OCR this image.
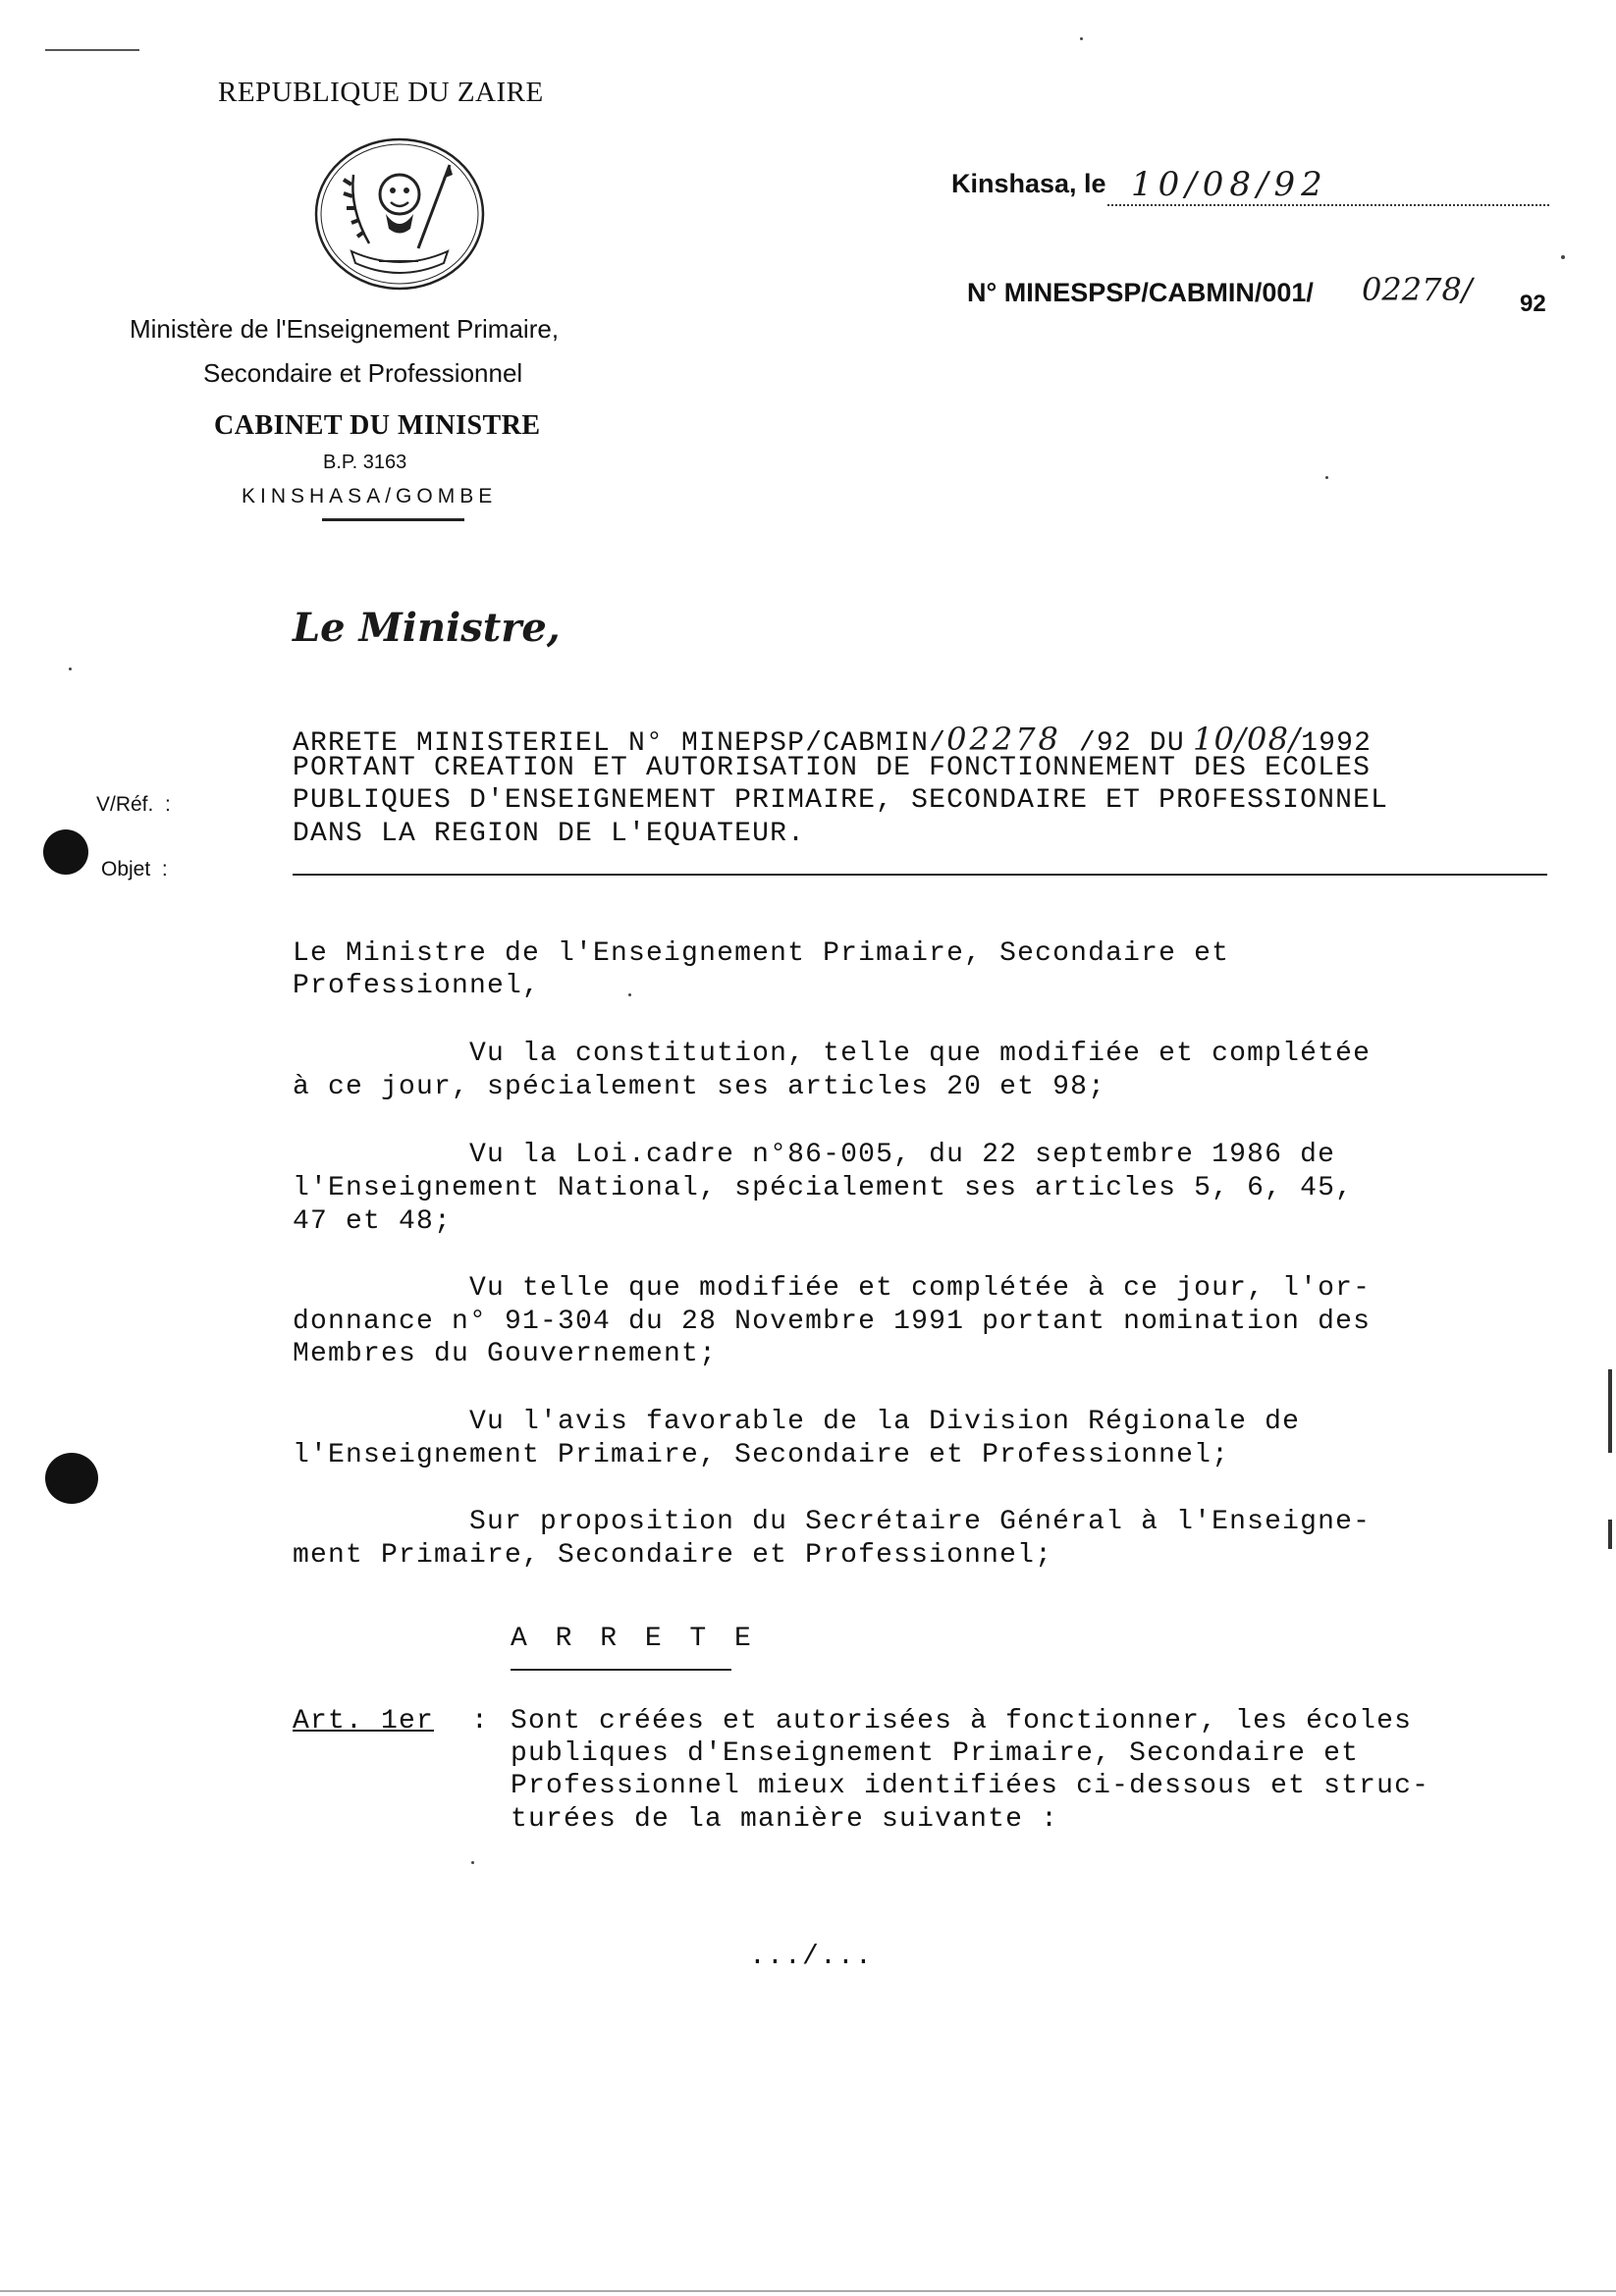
REPUBLIQUE DU ZAIRE
Ministère de l'Enseignement Primaire,
Secondaire et Professionnel
CABINET DU MINISTRE
B.P. 3163
KINSHASA/GOMBE
Kinshasa, le 10/08/92
N° MINESPSP/CABMIN/001/ 02278/ 92
Le Ministre,
ARRETE MINISTERIEL N° MINEPSP/CABMIN/02278 /92 DU 10/08/1992
PORTANT CREATION ET AUTORISATION DE FONCTIONNEMENT DES ECOLES
PUBLIQUES D'ENSEIGNEMENT PRIMAIRE, SECONDAIRE ET PROFESSIONNEL
DANS LA REGION DE L'EQUATEUR.
V/Réf.  :
Objet  :
Le Ministre de l'Enseignement Primaire, Secondaire et
Professionnel,
Vu la constitution, telle que modifiée et complétée
à ce jour, spécialement ses articles 20 et 98;
Vu la Loi.cadre n°86-005, du 22 septembre 1986 de
l'Enseignement National, spécialement ses articles 5, 6, 45,
47 et 48;
Vu telle que modifiée et complétée à ce jour, l'or-
donnance n° 91-304 du 28 Novembre 1991 portant nomination des
Membres du Gouvernement;
Vu l'avis favorable de la Division Régionale de
l'Enseignement Primaire, Secondaire et Professionnel;
Sur proposition du Secrétaire Général à l'Enseigne-
ment Primaire, Secondaire et Professionnel;
A R R E T E
Art. 1er : Sont créées et autorisées à fonctionner, les écoles
publiques d'Enseignement Primaire, Secondaire et
Professionnel mieux identifiées ci-dessous et struc-
turées de la manière suivante :
.../...
